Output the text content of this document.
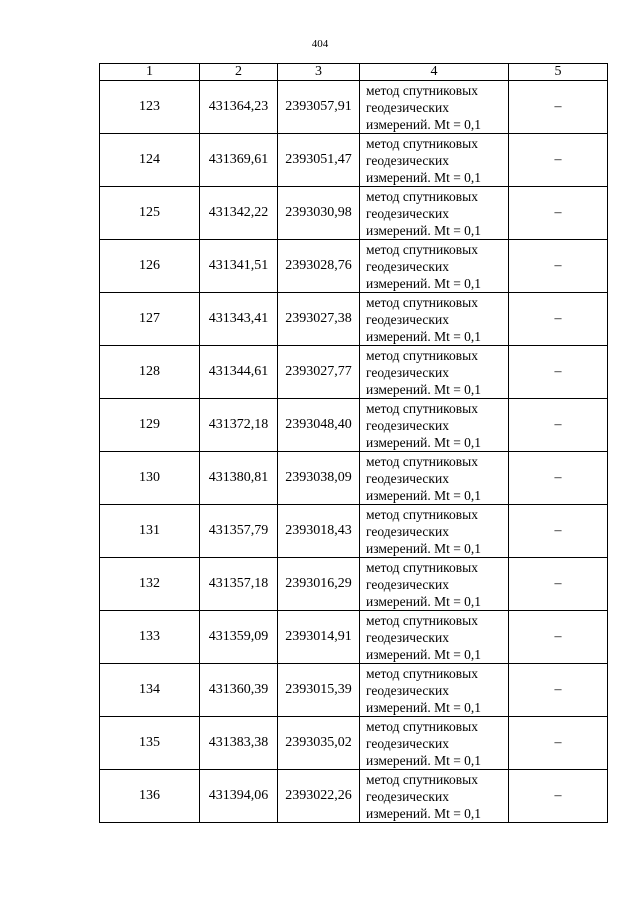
404
1	2	3	4	5
123	431364,23	2393057,91	метод спутниковых
геодезических
измерений. Mt = 0,1	–
124	431369,61	2393051,47	метод спутниковых
геодезических
измерений. Mt = 0,1	–
125	431342,22	2393030,98	метод спутниковых
геодезических
измерений. Mt = 0,1	–
126	431341,51	2393028,76	метод спутниковых
геодезических
измерений. Mt = 0,1	–
127	431343,41	2393027,38	метод спутниковых
геодезических
измерений. Mt = 0,1	–
128	431344,61	2393027,77	метод спутниковых
геодезических
измерений. Mt = 0,1	–
129	431372,18	2393048,40	метод спутниковых
геодезических
измерений. Mt = 0,1	–
130	431380,81	2393038,09	метод спутниковых
геодезических
измерений. Mt = 0,1	–
131	431357,79	2393018,43	метод спутниковых
геодезических
измерений. Mt = 0,1	–
132	431357,18	2393016,29	метод спутниковых
геодезических
измерений. Mt = 0,1	–
133	431359,09	2393014,91	метод спутниковых
геодезических
измерений. Mt = 0,1	–
134	431360,39	2393015,39	метод спутниковых
геодезических
измерений. Mt = 0,1	–
135	431383,38	2393035,02	метод спутниковых
геодезических
измерений. Mt = 0,1	–
136	431394,06	2393022,26	метод спутниковых
геодезических
измерений. Mt = 0,1	–
